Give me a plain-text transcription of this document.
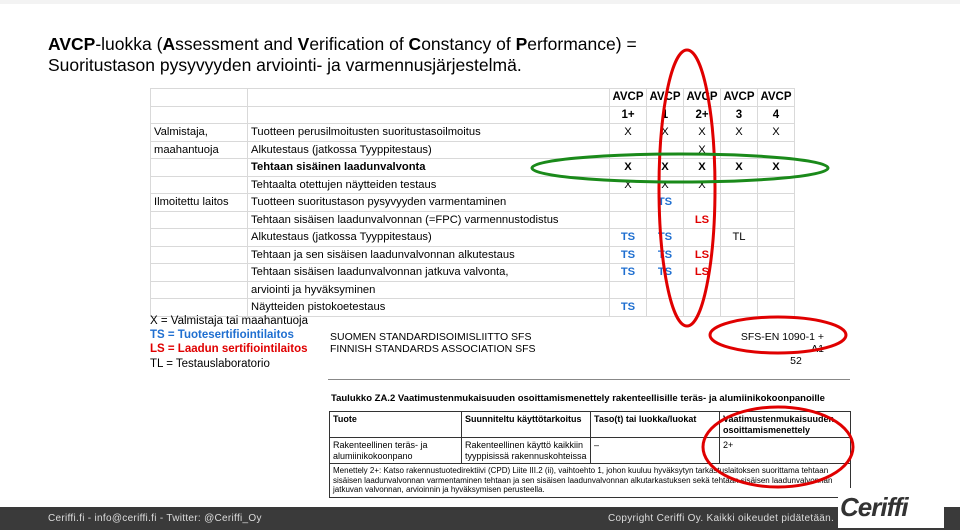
AVCP-luokka (Assessment and Verification of Constancy of Performance) =
Suoritustason pysyvyyden arviointi- ja varmennusjärjestelmä.
		AVCP	AVCP	AVCP	AVCP	AVCP
		1+	1	2+	3	4
Valmistaja,	Tuotteen perusilmoitusten suoritustasoilmoitus	X	X	X	X	X
maahantuoja	Alkutestaus (jatkossa Tyyppitestaus)			X		
	Tehtaan sisäinen laadunvalvonta	X	X	X	X	X
	Tehtaalta otettujen näytteiden testaus	X	X	X		
Ilmoitettu laitos	Tuotteen suoritustason pysyvyyden varmentaminen		TS			
	Tehtaan sisäisen laadunvalvonnan (=FPC) varmennustodistus			LS		
	Alkutestaus (jatkossa Tyyppitestaus)	TS	TS		TL	
	Tehtaan ja sen sisäisen laadunvalvonnan alkutestaus	TS	TS	LS		
	Tehtaan sisäisen laadunvalvonnan jatkuva valvonta,	TS	TS	LS		
	arviointi ja hyväksyminen					
	Näytteiden pistokoetestaus	TS				
X = Valmistaja tai maahantuoja
TS = Tuotesertifiointilaitos
LS = Laadun sertifiointilaitos
TL = Testauslaboratorio
SUOMEN STANDARDISOIMISLIITTO SFS
FINNISH STANDARDS ASSOCIATION SFS
SFS-EN 1090-1 + A1
52
Taulukko ZA.2 Vaatimustenmukaisuuden osoittamismenettely rakenteellisille teräs- ja alumiinikokoonpanoille
Tuote	Suunniteltu käyttötarkoitus	Taso(t) tai luokka/luokat	Vaatimustenmukaisuuden osoittamismenettely
Rakenteellinen teräs- ja alumiinikokoonpano	Rakenteellinen käyttö kaikkiin tyyppisissä rakennuskohteissa	–	2+
Menettely 2+: Katso rakennustuotedirektiivi (CPD) Liite III.2 (ii), vaihtoehto 1, johon kuuluu hyväksytyn tarkastuslaitoksen suorittama tehtaan sisäisen laadunvalvonnan varmentaminen tehtaan ja sen sisäisen laadunvalvonnan alkutarkastuksen sekä tehtaan sisäisen laadunvalvonnan jatkuvan valvonnan, arvioinnin ja hyväksymisen perusteella.			
Ceriffi.fi - info@ceriffi.fi - Twitter: @Ceriffi_Oy	Copyright Ceriffi Oy. Kaikki oikeudet pidätetään. Ceriffi
